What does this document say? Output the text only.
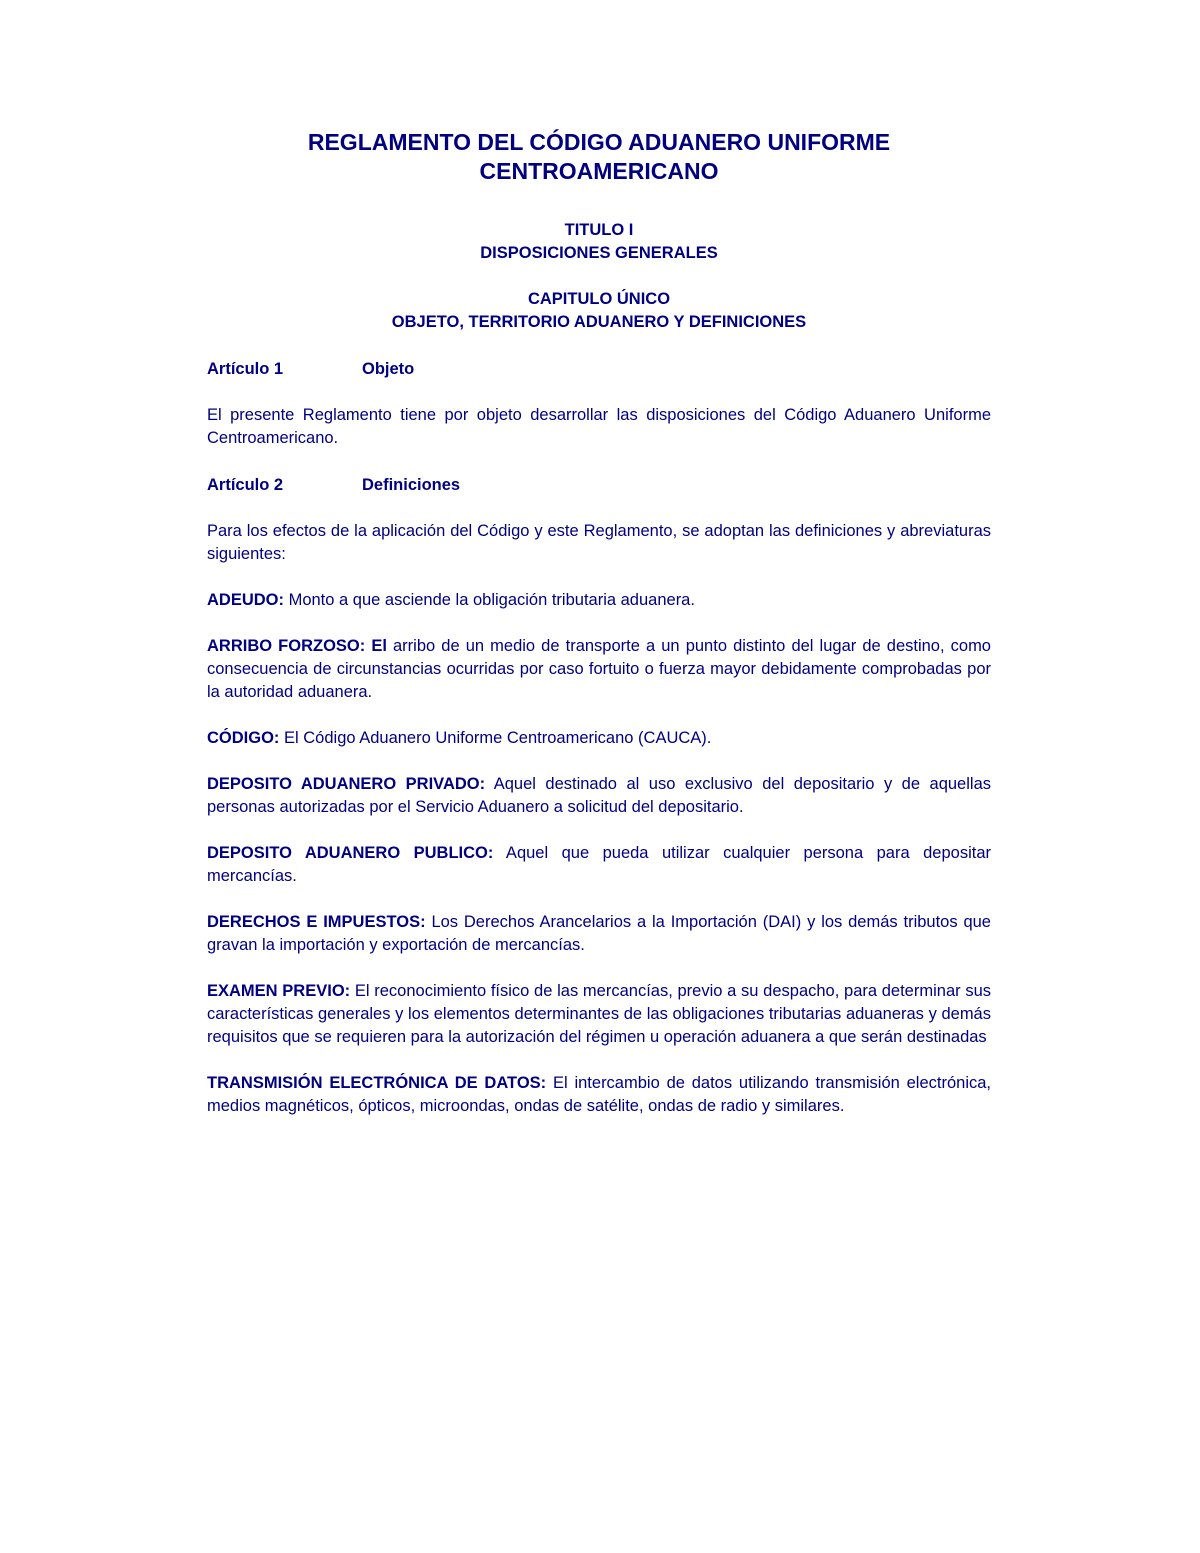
REGLAMENTO DEL CÓDIGO ADUANERO UNIFORME
CENTROAMERICANO
TITULO I
DISPOSICIONES GENERALES
CAPITULO ÚNICO
OBJETO, TERRITORIO ADUANERO Y DEFINICIONES
Artículo 1	Objeto

El presente Reglamento tiene por objeto desarrollar las disposiciones del Código Aduanero Uniforme Centroamericano.

Artículo 2	Definiciones

Para los efectos de la aplicación del Código y este Reglamento, se adoptan las definiciones y abreviaturas siguientes:

ADEUDO: Monto a que asciende la obligación tributaria aduanera.

ARRIBO FORZOSO: El arribo de un medio de transporte a un punto distinto del lugar de destino, como consecuencia de circunstancias ocurridas por caso fortuito o fuerza mayor debidamente comprobadas por la autoridad aduanera.

CÓDIGO: El Código Aduanero Uniforme Centroamericano (CAUCA).

DEPOSITO ADUANERO PRIVADO: Aquel destinado al uso exclusivo del depositario y de aquellas personas autorizadas por el Servicio Aduanero a solicitud del depositario.

DEPOSITO ADUANERO PUBLICO: Aquel que pueda utilizar cualquier persona para depositar mercancías.

DERECHOS E IMPUESTOS: Los Derechos Arancelarios a la Importación (DAI) y los demás tributos que gravan la importación y exportación de mercancías.

EXAMEN PREVIO: El reconocimiento físico de las mercancías, previo a su despacho, para determinar sus características generales y los elementos determinantes de las obligaciones tributarias aduaneras y demás requisitos que se requieren para la autorización del régimen u operación aduanera a que serán destinadas

TRANSMISIÓN ELECTRÓNICA DE DATOS: El intercambio de datos utilizando transmisión electrónica, medios magnéticos, ópticos, microondas, ondas de satélite, ondas de radio y similares.
